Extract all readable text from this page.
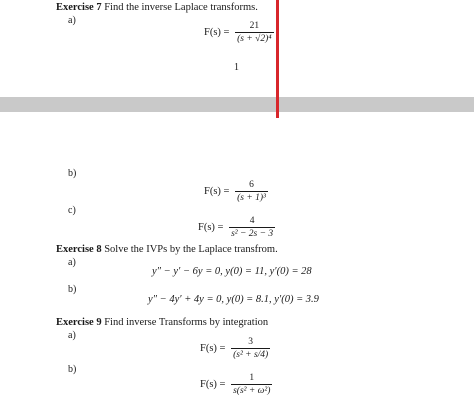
Exercise 7 Find the inverse Laplace transforms.
a)
$F(s) = \frac{21}{\text{(s + √2)⁴}}$
1
b)
$F(s) = \frac{6}{\text{(s + 1)³}}$
c)
$F(s) = \frac{4}{\text{s² − 2s − 3}}$
Exercise 8 Solve the IVPs by the Laplace transfrom.
a)
y″ − y′ − 6y = 0, y(0) = 11, y′(0) = 28
b)
y″ − 4y′ + 4y = 0, y(0) = 8.1, y′(0) = 3.9
Exercise 9 Find inverse Transforms by integration
a)
$F(s) = \frac{3}{\text{(s² + s/4)}}$
b)
$F(s) = \frac{1}{\text{s(s² + ω²)}}$
